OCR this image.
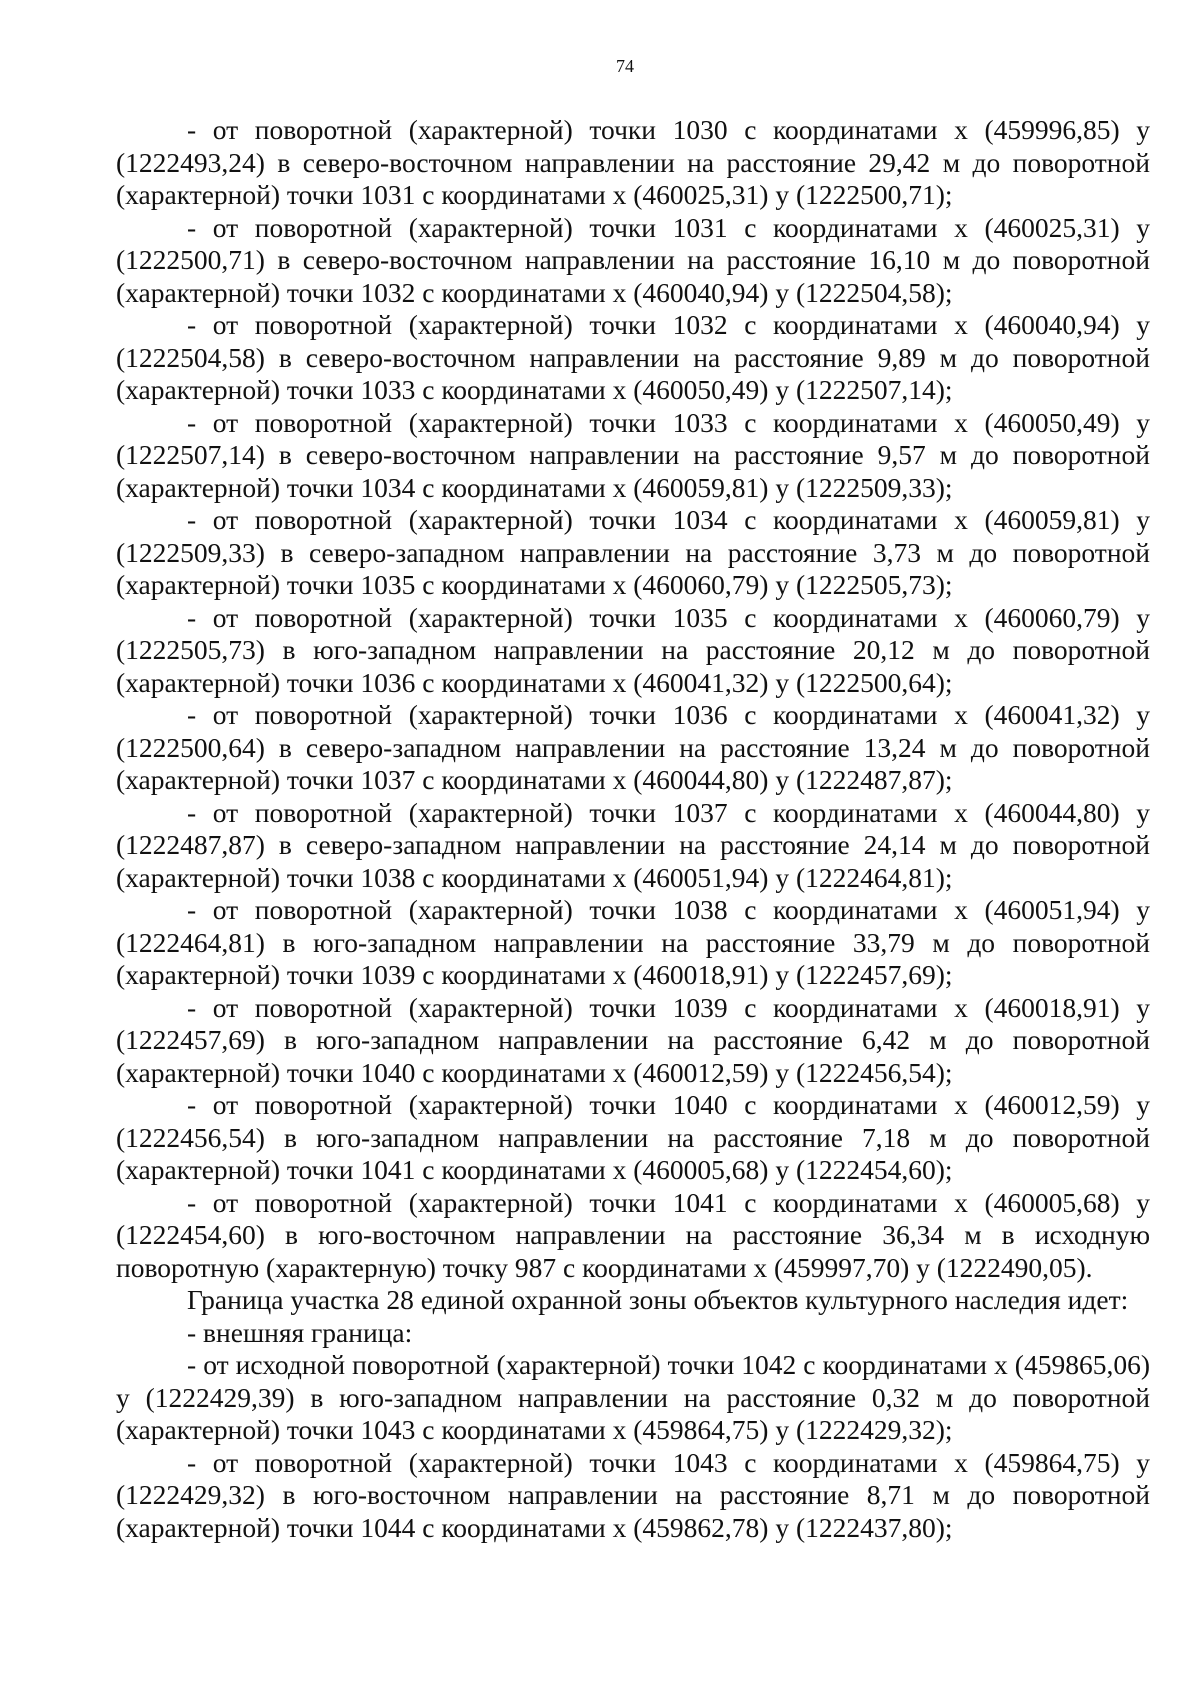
74

- от поворотной (характерной) точки 1030 с координатами x (459996,85) y (1222493,24) в северо-восточном направлении на расстояние 29,42 м до поворотной (характерной) точки 1031 с координатами x (460025,31) y (1222500,71);

- от поворотной (характерной) точки 1031 с координатами x (460025,31) y (1222500,71) в северо-восточном направлении на расстояние 16,10 м до поворотной (характерной) точки 1032 с координатами x (460040,94) y (1222504,58);

- от поворотной (характерной) точки 1032 с координатами x (460040,94) y (1222504,58) в северо-восточном направлении на расстояние 9,89 м до поворотной (характерной) точки 1033 с координатами x (460050,49) y (1222507,14);

- от поворотной (характерной) точки 1033 с координатами x (460050,49) y (1222507,14) в северо-восточном направлении на расстояние 9,57 м до поворотной (характерной) точки 1034 с координатами x (460059,81) y (1222509,33);

- от поворотной (характерной) точки 1034 с координатами x (460059,81) y (1222509,33) в северо-западном направлении на расстояние 3,73 м до поворотной (характерной) точки 1035 с координатами x (460060,79) y (1222505,73);

- от поворотной (характерной) точки 1035 с координатами x (460060,79) y (1222505,73) в юго-западном направлении на расстояние 20,12 м до поворотной (характерной) точки 1036 с координатами x (460041,32) y (1222500,64);

- от поворотной (характерной) точки 1036 с координатами x (460041,32) y (1222500,64) в северо-западном направлении на расстояние 13,24 м до поворотной (характерной) точки 1037 с координатами x (460044,80) y (1222487,87);

- от поворотной (характерной) точки 1037 с координатами x (460044,80) y (1222487,87) в северо-западном направлении на расстояние 24,14 м до поворотной (характерной) точки 1038 с координатами x (460051,94) y (1222464,81);

- от поворотной (характерной) точки 1038 с координатами x (460051,94) y (1222464,81) в юго-западном направлении на расстояние 33,79 м до поворотной (характерной) точки 1039 с координатами x (460018,91) y (1222457,69);

- от поворотной (характерной) точки 1039 с координатами x (460018,91) y (1222457,69) в юго-западном направлении на расстояние 6,42 м до поворотной (характерной) точки 1040 с координатами x (460012,59) y (1222456,54);

- от поворотной (характерной) точки 1040 с координатами x (460012,59) y (1222456,54) в юго-западном направлении на расстояние 7,18 м до поворотной (характерной) точки 1041 с координатами x (460005,68) y (1222454,60);

- от поворотной (характерной) точки 1041 с координатами x (460005,68) y (1222454,60) в юго-восточном направлении на расстояние 36,34 м в исходную поворотную (характерную) точку 987 с координатами x (459997,70) y (1222490,05).

Граница участка 28 единой охранной зоны объектов культурного наследия идет:

- внешняя граница:

- от исходной поворотной (характерной) точки 1042 с координатами x (459865,06) y (1222429,39) в юго-западном направлении на расстояние 0,32 м до поворотной (характерной) точки 1043 с координатами x (459864,75) y (1222429,32);

- от поворотной (характерной) точки 1043 с координатами x (459864,75) y (1222429,32) в юго-восточном направлении на расстояние 8,71 м до поворотной (характерной) точки 1044 с координатами x (459862,78) y (1222437,80);
